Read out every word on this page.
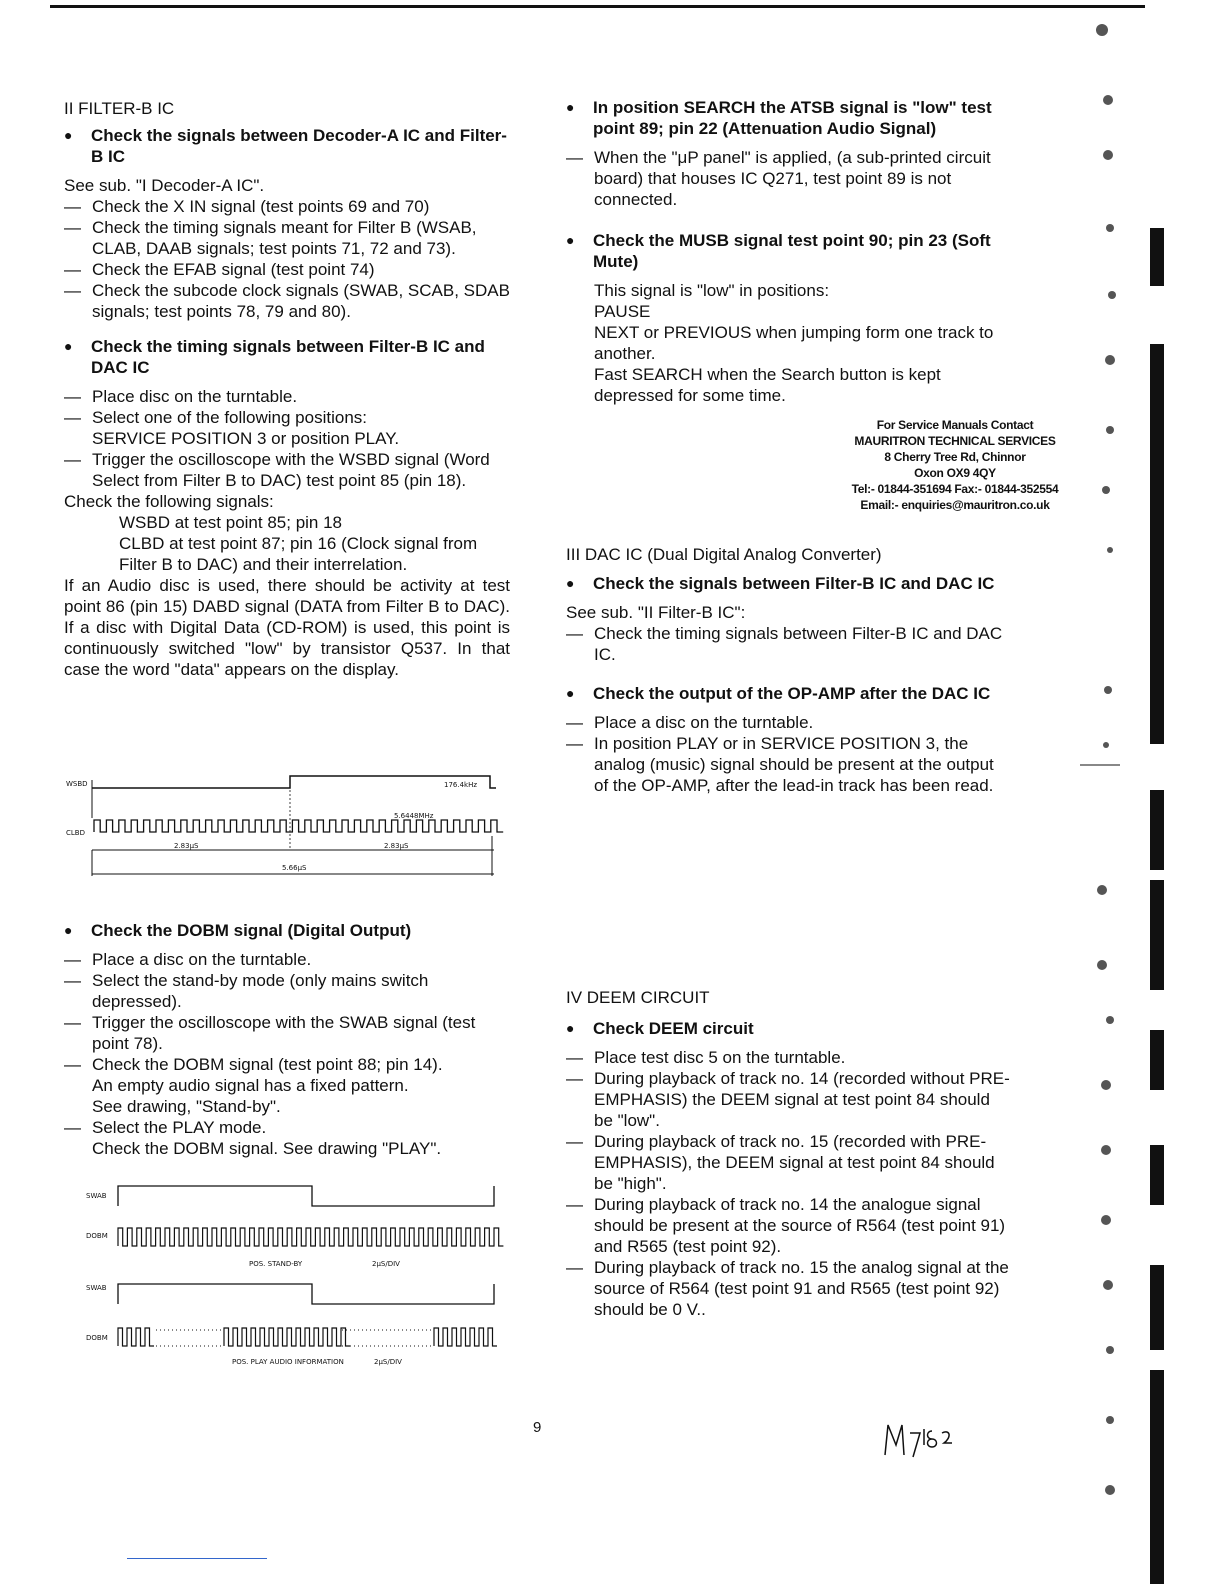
II FILTER-B IC
●	Check the signals between Decoder-A IC and Filter-B IC
See sub. "I Decoder-A IC".
— Check the X IN signal (test points 69 and 70)
— Check the timing signals meant for Filter B (WSAB, CLAB, DAAB signals; test points 71, 72 and 73).
— Check the EFAB signal (test point 74)
— Check the subcode clock signals (SWAB, SCAB, SDAB signals; test points 78, 79 and 80).
●	Check the timing signals between Filter-B IC and DAC IC
— Place disc on the turntable.
— Select one of the following positions:
SERVICE POSITION 3 or position PLAY.
— Trigger the oscilloscope with the WSBD signal (Word Select from Filter B to DAC) test point 85 (pin 18).
Check the following signals:
WSBD at test point 85; pin 18
CLBD at test point 87; pin 16 (Clock signal from Filter B to DAC) and their interrelation.
If an Audio disc is used, there should be activity at test point 86 (pin 15) DABD signal (DATA from Filter B to DAC). If a disc with Digital Data (CD-ROM) is used, this point is continuously switched "low" by transistor Q537. In that case the word "data" appears on the display.
WSBD	176.4kHz
5.6448MHz
CLBD
2.83μS	2.83μS
5.66μS
●	Check the DOBM signal (Digital Output)
— Place a disc on the turntable.
— Select the stand-by mode (only mains switch depressed).
— Trigger the oscilloscope with the SWAB signal (test point 78).
— Check the DOBM signal (test point 88; pin 14).
An empty audio signal has a fixed pattern.
See drawing, "Stand-by".
— Select the PLAY mode.
Check the DOBM signal. See drawing "PLAY".
SWAB
DOBM
POS. STAND-BY	2μS/DIV
SWAB
DOBM
POS. PLAY AUDIO INFORMATION	2μS/DIV
●	In position SEARCH the ATSB signal is "low" test point 89; pin 22 (Attenuation Audio Signal)
— When the "μP panel" is applied, (a sub-printed circuit board) that houses IC Q271, test point 89 is not connected.
●	Check the MUSB signal test point 90; pin 23 (Soft Mute)
This signal is "low" in positions:
PAUSE
NEXT or PREVIOUS when jumping form one track to another.
Fast SEARCH when the Search button is kept depressed for some time.
For Service Manuals Contact
MAURITRON TECHNICAL SERVICES
8 Cherry Tree Rd, Chinnor
Oxon OX9 4QY
Tel:- 01844-351694 Fax:- 01844-352554
Email:- enquiries@mauritron.co.uk
III DAC IC (Dual Digital Analog Converter)
●	Check the signals between Filter-B IC and DAC IC
See sub. "II Filter-B IC":
— Check the timing signals between Filter-B IC and DAC IC.
●	Check the output of the OP-AMP after the DAC IC
— Place a disc on the turntable.
— In position PLAY or in SERVICE POSITION 3, the analog (music) signal should be present at the output of the OP-AMP, after the lead-in track has been read.
IV DEEM CIRCUIT
●	Check DEEM circuit
— Place test disc 5 on the turntable.
— During playback of track no. 14 (recorded without PRE-EMPHASIS) the DEEM signal at test point 84 should be "low".
— During playback of track no. 15 (recorded with PRE-EMPHASIS), the DEEM signal at test point 84 should be "high".
— During playback of track no. 14 the analogue signal should be present at the source of R564 (test point 91) and R565 (test point 92).
— During playback of track no. 15 the analog signal at the source of R564 (test point 91 and R565 (test point 92) should be 0 V..
9
